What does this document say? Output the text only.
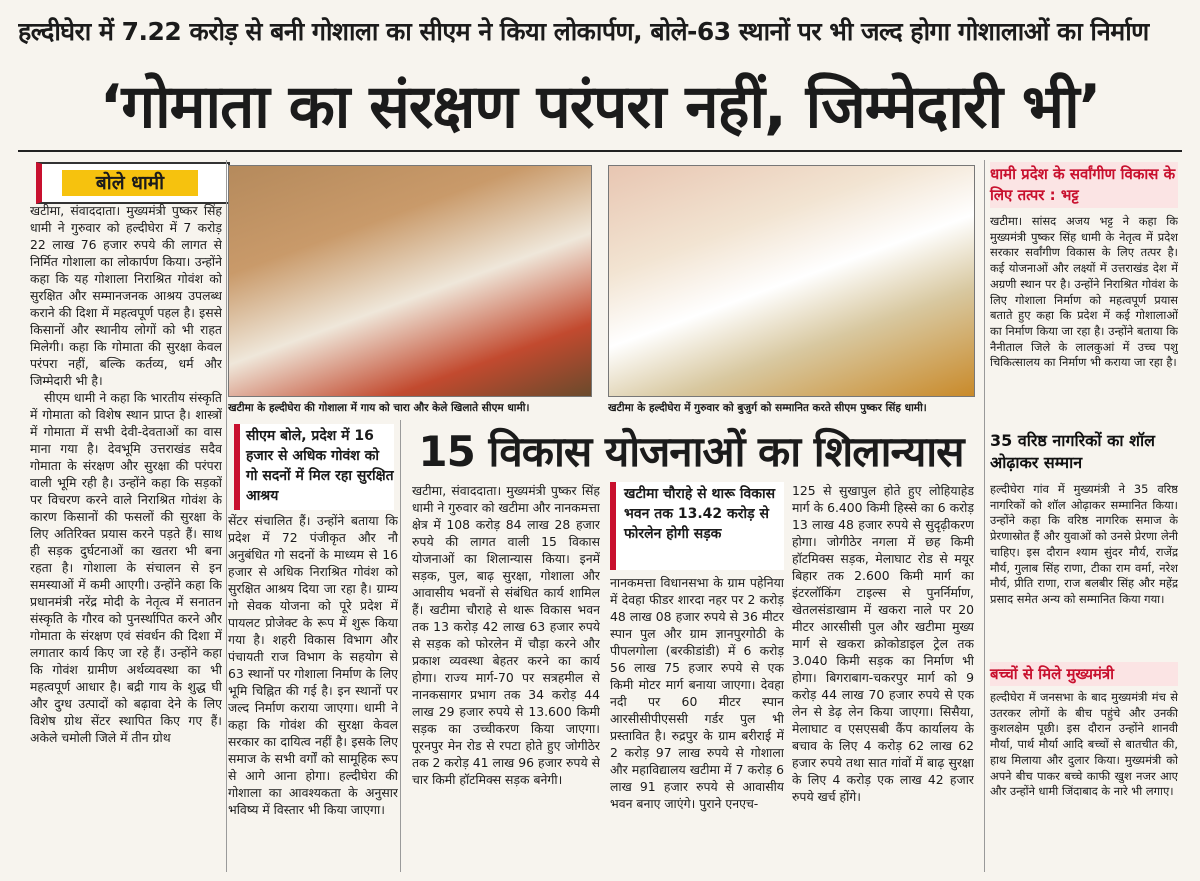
हल्दीघेरा में 7.22 करोड़ से बनी गोशाला का सीएम ने किया लोकार्पण, बोले-63 स्थानों पर भी जल्द होगा गोशालाओं का निर्माण
‘गोमाता का संरक्षण परंपरा नहीं, जिम्मेदारी भी’
बोले धामी

खटीमा, संवाददाता। मुख्यमंत्री पुष्कर सिंह धामी ने गुरुवार को हल्दीघेरा में 7 करोड़ 22 लाख 76 हजार रुपये की लागत से निर्मित गोशाला का लोकार्पण किया। उन्होंने कहा कि यह गोशाला निराश्रित गोवंश को सुरक्षित और सम्मानजनक आश्रय उपलब्ध कराने की दिशा में महत्वपूर्ण पहल है। इससे किसानों और स्थानीय लोगों को भी राहत मिलेगी। कहा कि गोमाता की सुरक्षा केवल परंपरा नहीं, बल्कि कर्तव्य, धर्म और जिम्मेदारी भी है।

सीएम धामी ने कहा कि भारतीय संस्कृति में गोमाता को विशेष स्थान प्राप्त है। शास्त्रों में गोमाता में सभी देवी-देवताओं का वास माना गया है। देवभूमि उत्तराखंड सदैव गोमाता के संरक्षण और सुरक्षा की परंपरा वाली भूमि रही है। उन्होंने कहा कि सड़कों पर विचरण करने वाले निराश्रित गोवंश के कारण किसानों की फसलों की सुरक्षा के लिए अतिरिक्त प्रयास करने पड़ते हैं। साथ ही सड़क दुर्घटनाओं का खतरा भी बना रहता है। गोशाला के संचालन से इन समस्याओं में कमी आएगी। उन्होंने कहा कि प्रधानमंत्री नरेंद्र मोदी के नेतृत्व में सनातन संस्कृति के गौरव को पुनर्स्थापित करने और गोमाता के संरक्षण एवं संवर्धन की दिशा में लगातार कार्य किए जा रहे हैं। उन्होंने कहा कि गोवंश ग्रामीण अर्थव्यवस्था का भी महत्वपूर्ण आधार है। बद्री गाय के शुद्ध घी और दुग्ध उत्पादों को बढ़ावा देने के लिए विशेष ग्रोथ सेंटर स्थापित किए गए हैं। अकेले चमोली जिले में तीन ग्रोथ

खटीमा के हल्दीघेरा की गोशाला में गाय को चारा और केले खिलाते सीएम धामी।	खटीमा के हल्दीघेरा में गुरुवार को बुजुर्ग को सम्मानित करते सीएम पुष्कर सिंह धामी।
सीएम बोले, प्रदेश में 16 हजार से अधिक गोवंश को गो सदनों में मिल रहा सुरक्षित आश्रय
सेंटर संचालित हैं। उन्होंने बताया कि प्रदेश में 72 पंजीकृत और नौ अनुबंधित गो सदनों के माध्यम से 16 हजार से अधिक निराश्रित गोवंश को सुरक्षित आश्रय दिया जा रहा है। ग्राम्य गो सेवक योजना को पूरे प्रदेश में पायलट प्रोजेक्ट के रूप में शुरू किया गया है। शहरी विकास विभाग और पंचायती राज विभाग के सहयोग से 63 स्थानों पर गोशाला निर्माण के लिए भूमि चिह्नित की गई है। इन स्थानों पर जल्द निर्माण कराया जाएगा। धामी ने कहा कि गोवंश की सुरक्षा केवल सरकार का दायित्व नहीं है। इसके लिए समाज के सभी वर्गों को सामूहिक रूप से आगे आना होगा। हल्दीघेरा की गोशाला का आवश्यकता के अनुसार भविष्य में विस्तार भी किया जाएगा।
15 विकास योजनाओं का शिलान्यास
खटीमा, संवाददाता। मुख्यमंत्री पुष्कर सिंह धामी ने गुरुवार को खटीमा और नानकमत्ता क्षेत्र में 108 करोड़ 84 लाख 28 हजार रुपये की लागत वाली 15 विकास योजनाओं का शिलान्यास किया। इनमें सड़क, पुल, बाढ़ सुरक्षा, गोशाला और आवासीय भवनों से संबंधित कार्य शामिल हैं। खटीमा चौराहे से थारू विकास भवन तक 13 करोड़ 42 लाख 63 हजार रुपये से सड़क को फोरलेन में चौड़ा करने और प्रकाश व्यवस्था बेहतर करने का कार्य होगा। राज्य मार्ग-70 पर सत्रहमील से नानकसागर प्रभाग तक 34 करोड़ 44 लाख 29 हजार रुपये से 13.600 किमी सड़क का उच्चीकरण किया जाएगा। पूरनपुर मेन रोड से रपटा होते हुए जोगीठेर तक 2 करोड़ 41 लाख 96 हजार रुपये से चार किमी हॉटमिक्स सड़क बनेगी।
खटीमा चौराहे से थारू विकास भवन तक 13.42 करोड़ से फोरलेन होगी सड़क
नानकमत्ता विधानसभा के ग्राम पहेनिया में देवहा फीडर शारदा नहर पर 2 करोड़ 48 लाख 08 हजार रुपये से 36 मीटर स्पान पुल और ग्राम ज्ञानपुरगोठी के पीपलगोला (बरकीडांडी) में 6 करोड़ 56 लाख 75 हजार रुपये से एक किमी मोटर मार्ग बनाया जाएगा। देवहा नदी पर 60 मीटर स्पान आरसीसीपीएससी गर्डर पुल भी प्रस्तावित है। रुद्रपुर के ग्राम बरीराई में 2 करोड़ 97 लाख रुपये से गोशाला और महाविद्यालय खटीमा में 7 करोड़ 6 लाख 91 हजार रुपये से आवासीय भवन बनाए जाएंगे। पुराने एनएच-
125 से सुखापुल होते हुए लोहियाहेड मार्ग के 6.400 किमी हिस्से का 6 करोड़ 13 लाख 48 हजार रुपये से सुदृढ़ीकरण होगा। जोगीठेर नगला में छह किमी हॉटमिक्स सड़क, मेलाघाट रोड से मयूर बिहार तक 2.600 किमी मार्ग का इंटरलॉकिंग टाइल्स से पुनर्निर्माण, खेतलसंडाखाम में खकरा नाले पर 20 मीटर आरसीसी पुल और खटीमा मुख्य मार्ग से खकरा क्रोकोडाइल ट्रेल तक 3.040 किमी सड़क का निर्माण भी होगा। बिगराबाग-चकरपुर मार्ग को 9 करोड़ 44 लाख 70 हजार रुपये से एक लेन से डेढ़ लेन किया जाएगा। सिसैया, मेलाघाट व एसएसबी कैंप कार्यालय के बचाव के लिए 4 करोड़ 62 लाख 62 हजार रुपये तथा सात गांवों में बाढ़ सुरक्षा के लिए 4 करोड़ एक लाख 42 हजार रुपये खर्च होंगे।
धामी प्रदेश के सर्वांगीण विकास के लिए तत्पर : भट्ट
खटीमा। सांसद अजय भट्ट ने कहा कि मुख्यमंत्री पुष्कर सिंह धामी के नेतृत्व में प्रदेश सरकार सर्वांगीण विकास के लिए तत्पर है। कई योजनाओं और लक्ष्यों में उत्तराखंड देश में अग्रणी स्थान पर है। उन्होंने निराश्रित गोवंश के लिए गोशाला निर्माण को महत्वपूर्ण प्रयास बताते हुए कहा कि प्रदेश में कई गोशालाओं का निर्माण किया जा रहा है। उन्होंने बताया कि नैनीताल जिले के लालकुआं में उच्च पशु चिकित्सालय का निर्माण भी कराया जा रहा है।
35 वरिष्ठ नागरिकों का शॉल ओढ़ाकर सम्मान
हल्दीघेरा गांव में मुख्यमंत्री ने 35 वरिष्ठ नागरिकों को शॉल ओढ़ाकर सम्मानित किया। उन्होंने कहा कि वरिष्ठ नागरिक समाज के प्रेरणास्रोत हैं और युवाओं को उनसे प्रेरणा लेनी चाहिए। इस दौरान श्याम सुंदर मौर्य, राजेंद्र मौर्य, गुलाब सिंह राणा, टीका राम वर्मा, नरेश मौर्य, प्रीति राणा, राज बलबीर सिंह और महेंद्र प्रसाद समेत अन्य को सम्मानित किया गया।
बच्चों से मिले मुख्यमंत्री
हल्दीघेरा में जनसभा के बाद मुख्यमंत्री मंच से उतरकर लोगों के बीच पहुंचे और उनकी कुशलक्षेम पूछी। इस दौरान उन्होंने शानवी मौर्या, पार्थ मौर्या आदि बच्चों से बातचीत की, हाथ मिलाया और दुलार किया। मुख्यमंत्री को अपने बीच पाकर बच्चे काफी खुश नजर आए और उन्होंने धामी जिंदाबाद के नारे भी लगाए।
